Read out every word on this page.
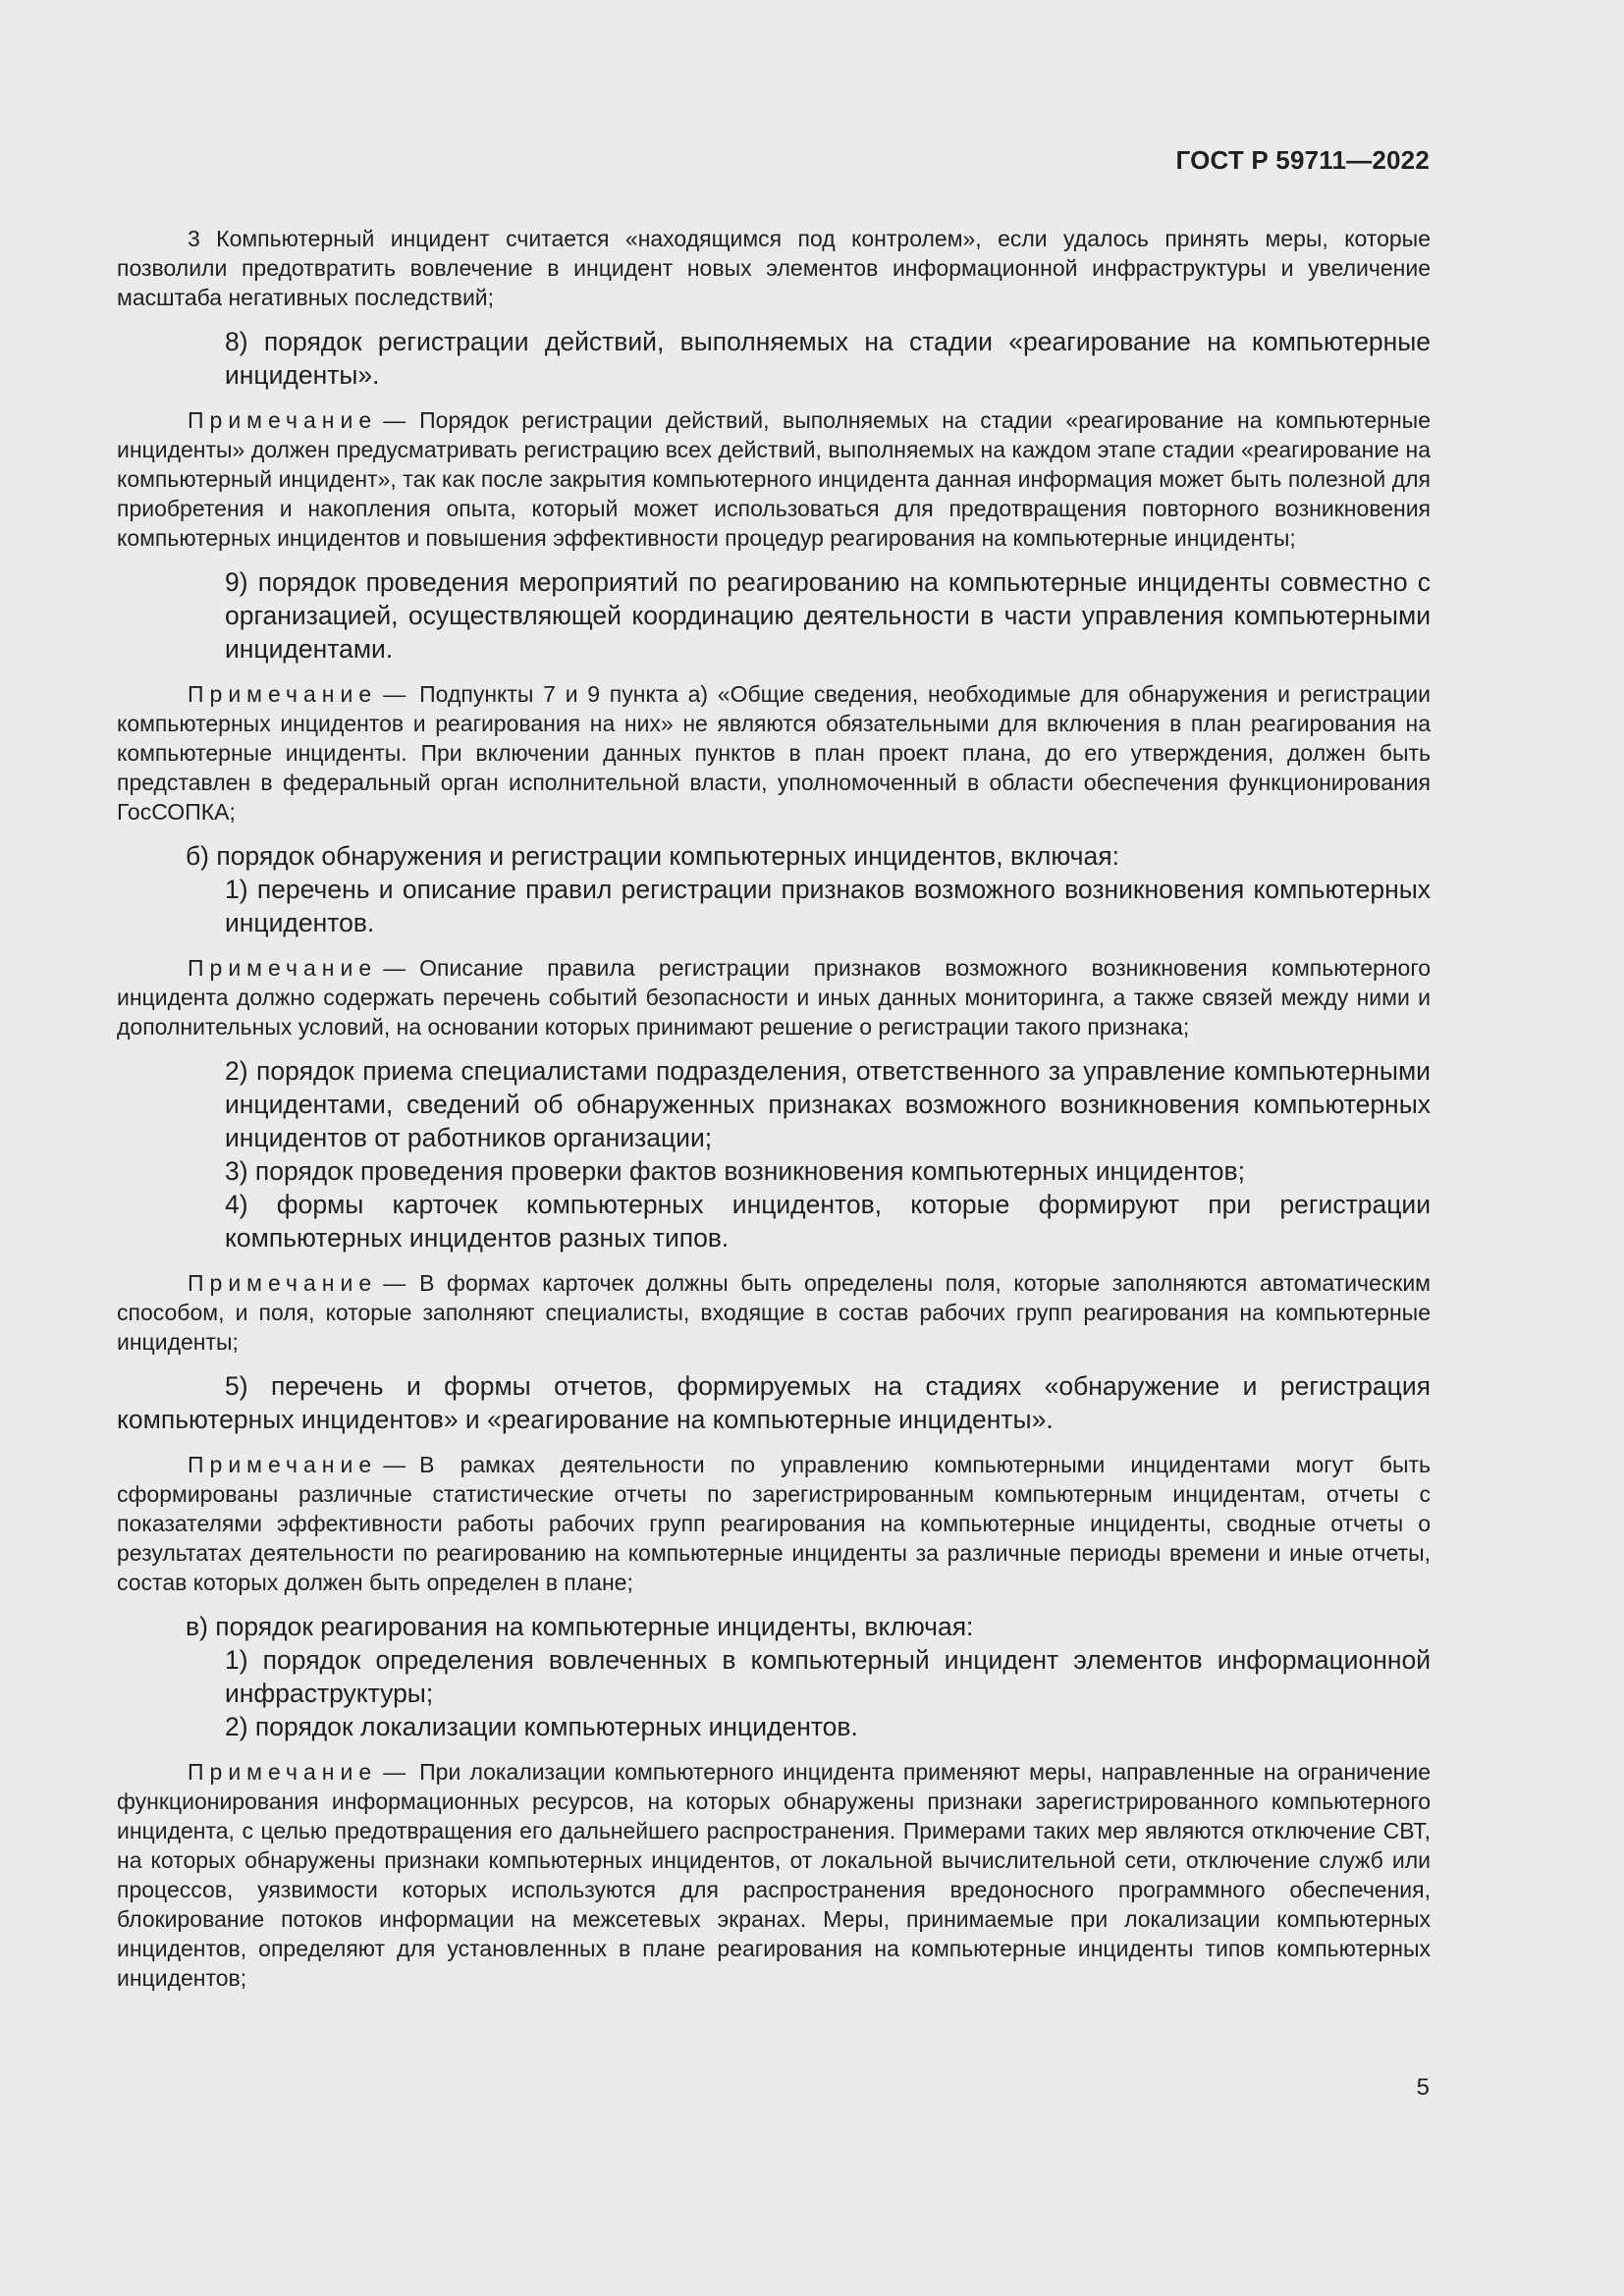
ГОСТ Р 59711—2022

3 Компьютерный инцидент считается «находящимся под контролем», если удалось принять меры, которые позволили предотвратить вовлечение в инцидент новых элементов информационной инфраструктуры и увеличение масштаба негативных последствий;

8) порядок регистрации действий, выполняемых на стадии «реагирование на компьютерные инциденты».

Примечание — Порядок регистрации действий, выполняемых на стадии «реагирование на компьютерные инциденты» должен предусматривать регистрацию всех действий, выполняемых на каждом этапе стадии «реагирование на компьютерный инцидент», так как после закрытия компьютерного инцидента данная информация может быть полезной для приобретения и накопления опыта, который может использоваться для предотвращения повторного возникновения компьютерных инцидентов и повышения эффективности процедур реагирования на компьютерные инциденты;

9) порядок проведения мероприятий по реагированию на компьютерные инциденты совместно с организацией, осуществляющей координацию деятельности в части управления компьютерными инцидентами.

Примечание — Подпункты 7 и 9 пункта а) «Общие сведения, необходимые для обнаружения и регистрации компьютерных инцидентов и реагирования на них» не являются обязательными для включения в план реагирования на компьютерные инциденты. При включении данных пунктов в план проект плана, до его утверждения, должен быть представлен в федеральный орган исполнительной власти, уполномоченный в области обеспечения функционирования ГосСОПКА;

б) порядок обнаружения и регистрации компьютерных инцидентов, включая:

1) перечень и описание правил регистрации признаков возможного возникновения компьютерных инцидентов.

Примечание — Описание правила регистрации признаков возможного возникновения компьютерного инцидента должно содержать перечень событий безопасности и иных данных мониторинга, а также связей между ними и дополнительных условий, на основании которых принимают решение о регистрации такого признака;

2) порядок приема специалистами подразделения, ответственного за управление компьютерными инцидентами, сведений об обнаруженных признаках возможного возникновения компьютерных инцидентов от работников организации;

3) порядок проведения проверки фактов возникновения компьютерных инцидентов;

4) формы карточек компьютерных инцидентов, которые формируют при регистрации компьютерных инцидентов разных типов.

Примечание — В формах карточек должны быть определены поля, которые заполняются автоматическим способом, и поля, которые заполняют специалисты, входящие в состав рабочих групп реагирования на компьютерные инциденты;

5) перечень и формы отчетов, формируемых на стадиях «обнаружение и регистрация компьютерных инцидентов» и «реагирование на компьютерные инциденты».

Примечание — В рамках деятельности по управлению компьютерными инцидентами могут быть сформированы различные статистические отчеты по зарегистрированным компьютерным инцидентам, отчеты с показателями эффективности работы рабочих групп реагирования на компьютерные инциденты, сводные отчеты о результатах деятельности по реагированию на компьютерные инциденты за различные периоды времени и иные отчеты, состав которых должен быть определен в плане;

в) порядок реагирования на компьютерные инциденты, включая:

1) порядок определения вовлеченных в компьютерный инцидент элементов информационной инфраструктуры;

2) порядок локализации компьютерных инцидентов.

Примечание — При локализации компьютерного инцидента применяют меры, направленные на ограничение функционирования информационных ресурсов, на которых обнаружены признаки зарегистрированного компьютерного инцидента, с целью предотвращения его дальнейшего распространения. Примерами таких мер являются отключение СВТ, на которых обнаружены признаки компьютерных инцидентов, от локальной вычислительной сети, отключение служб или процессов, уязвимости которых используются для распространения вредоносного программного обеспечения, блокирование потоков информации на межсетевых экранах. Меры, принимаемые при локализации компьютерных инцидентов, определяют для установленных в плане реагирования на компьютерные инциденты типов компьютерных инцидентов;

5
